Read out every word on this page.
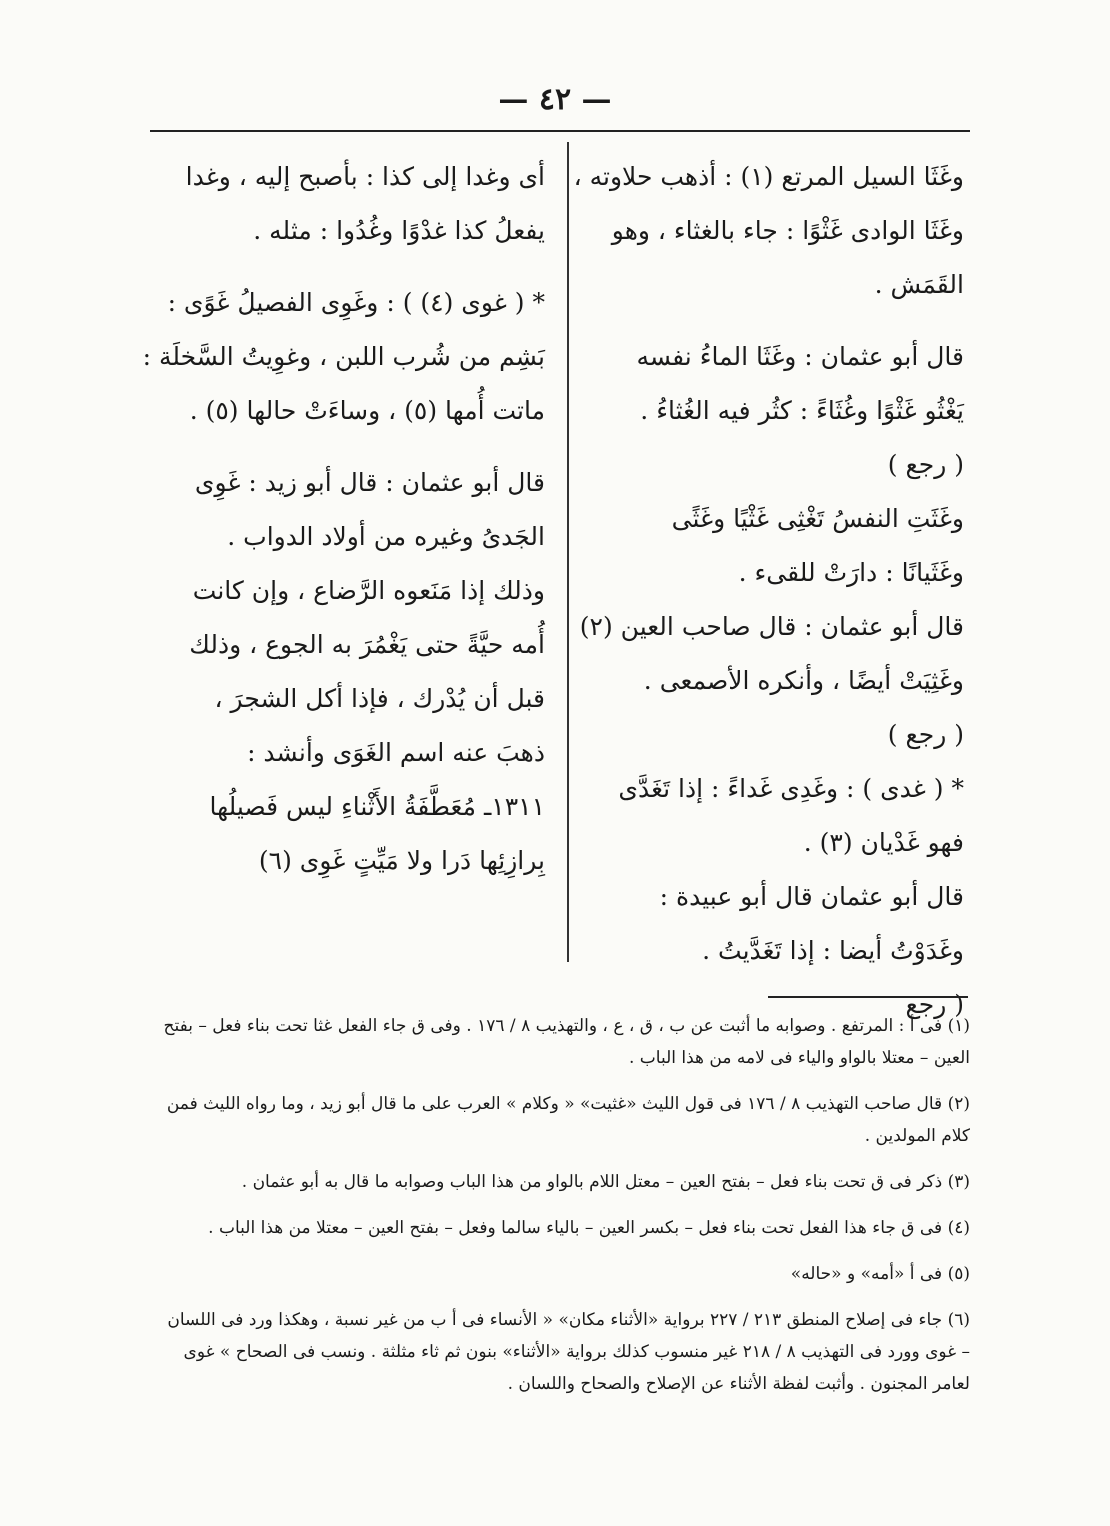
— ٤٢ —
وغَثَا السيل المرتع (١) : أذهب حلاوته ،
وغَثَا الوادى غَثْوًا : جاء بالغثاء ، وهو
القَمَش .
قال أبو عثمان : وغَثَا الماءُ نفسه
يَغْثُو غَثْوًا وغُثَاءً : كثُر فيه الغُثاءُ .
( رجع )
وغَثَتِ النفسُ تَغْثِى غَثْيًا وغَثًى
وغَثَيانًا : دارَتْ للقىء .
قال أبو عثمان : قال صاحب العين (٢)
وغَثِيَتْ أيضًا ، وأنكره الأصمعى .
( رجع )
* ( غدى ) : وغَدِى غَداءً : إذا تَغَدَّى
فهو غَدْيان (٣) .
قال أبو عثمان قال أبو عبيدة :
وغَدَوْتُ أيضا : إذا تَغَدَّيتُ .
( رجع
أى وغدا إلى كذا : بأصبح إليه ، وغدا
يفعلُ كذا غدْوًا وغُدُوا : مثله .
* ( غوى (٤) ) : وغَوِى الفصيلُ غَوًى :
بَشِم من شُرب اللبن ، وغوِيتُ السَّخلَة :
ماتت أُمها (٥) ، وساءَتْ حالها (٥) .
قال أبو عثمان : قال أبو زيد : غَوِى
الجَدىُ وغيره من أولاد الدواب .
وذلك إذا مَنَعوه الرَّضاع ، وإن كانت
أُمه حيَّةً حتى يَغْمُرَ به الجوع ، وذلك
قبل أن يُدْرك ، فإذا أكل الشجرَ ،
ذهبَ عنه اسم الغَوَى وأنشد :
١٣١١ـ مُعَطَّفَةُ الأَثْناءِ ليس فَصيلُها
بِرازِئِها دَرا ولا مَيِّتٍ غَوِى (٦)
(١) فى أ : المرتفع . وصوابه ما أثبت عن ب ، ق ، ع ، والتهذيب ٨ / ١٧٦ . وفى ق جاء الفعل غثا تحت بناء فعل – بفتح العين – معتلا بالواو والياء فى لامه من هذا الباب .
(٢) قال صاحب التهذيب ٨ / ١٧٦ فى قول الليث «غثيت» « وكلام » العرب على ما قال أبو زيد ، وما رواه الليث فمن كلام المولدين .
(٣) ذكر فى ق تحت بناء فعل – بفتح العين – معتل اللام بالواو من هذا الباب وصوابه ما قال به أبو عثمان .
(٤) فى ق جاء هذا الفعل تحت بناء فعل – بكسر العين – بالياء سالما وفعل – بفتح العين – معتلا من هذا الباب .
(٥) فى أ «أمه» و «حاله»
(٦) جاء فى إصلاح المنطق ٢١٣ / ٢٢٧ برواية «الأثناء مكان» « الأنساء فى أ ب من غير نسبة ، وهكذا ورد فى اللسان – غوى وورد فى التهذيب ٨ / ٢١٨ غير منسوب كذلك برواية «الأثناء» بنون ثم ثاء مثلثة . ونسب فى الصحاح » غوى لعامر المجنون . وأثبت لفظة الأثناء عن الإصلاح والصحاح واللسان .
